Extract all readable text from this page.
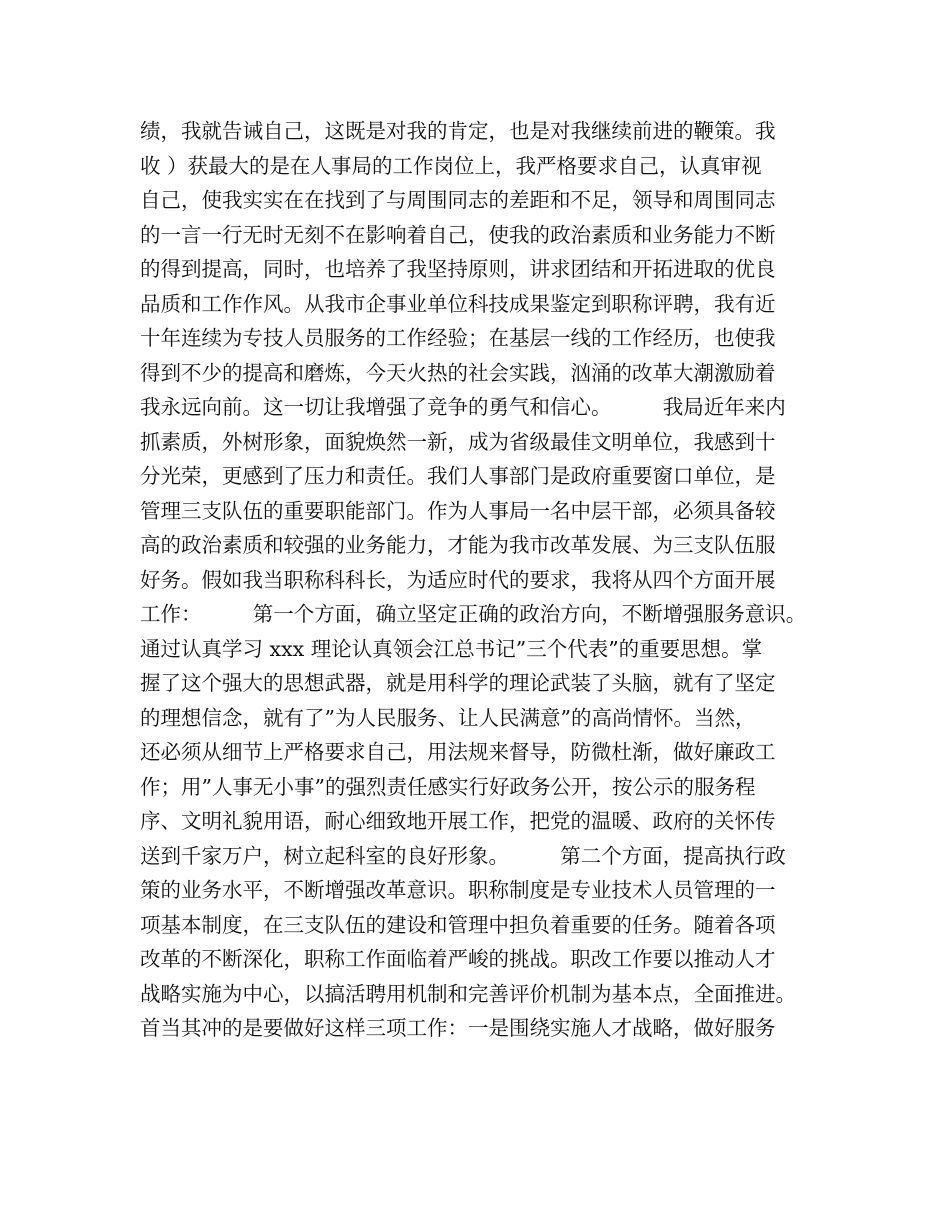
绩，我就告诫自己，这既是对我的肯定，也是对我继续前进的鞭策。我
收 ）获最大的是在人事局的工作岗位上，我严格要求自己，认真审视
自己，使我实实在在找到了与周围同志的差距和不足，领导和周围同志
的一言一行无时无刻不在影响着自己，使我的政治素质和业务能力不断
的得到提高，同时，也培养了我坚持原则，讲求团结和开拓进取的优良
品质和工作作风。从我市企事业单位科技成果鉴定到职称评聘，我有近
十年连续为专技人员服务的工作经验；在基层一线的工作经历，也使我
得到不少的提高和磨炼，今天火热的社会实践，汹涌的改革大潮激励着
我永远向前。这一切让我增强了竞争的勇气和信心。　　　我局近年来内
抓素质，外树形象，面貌焕然一新，成为省级最佳文明单位，我感到十
分光荣，更感到了压力和责任。我们人事部门是政府重要窗口单位，是
管理三支队伍的重要职能部门。作为人事局一名中层干部，必须具备较
高的政治素质和较强的业务能力，才能为我市改革发展、为三支队伍服
好务。假如我当职称科科长，为适应时代的要求，我将从四个方面开展
工作：　　　第一个方面，确立坚定正确的政治方向，不断增强服务意识。
通过认真学习 xxx 理论认真领会江总书记”三个代表”的重要思想。掌
握了这个强大的思想武器，就是用科学的理论武装了头脑，就有了坚定
的理想信念，就有了”为人民服务、让人民满意”的高尚情怀。当然，
还必须从细节上严格要求自己，用法规来督导，防微杜渐，做好廉政工
作；用”人事无小事”的强烈责任感实行好政务公开，按公示的服务程
序、文明礼貌用语，耐心细致地开展工作，把党的温暖、政府的关怀传
送到千家万户，树立起科室的良好形象。　　　第二个方面，提高执行政
策的业务水平，不断增强改革意识。职称制度是专业技术人员管理的一
项基本制度，在三支队伍的建设和管理中担负着重要的任务。随着各项
改革的不断深化，职称工作面临着严峻的挑战。职改工作要以推动人才
战略实施为中心，以搞活聘用机制和完善评价机制为基本点，全面推进。
首当其冲的是要做好这样三项工作：一是围绕实施人才战略，做好服务
